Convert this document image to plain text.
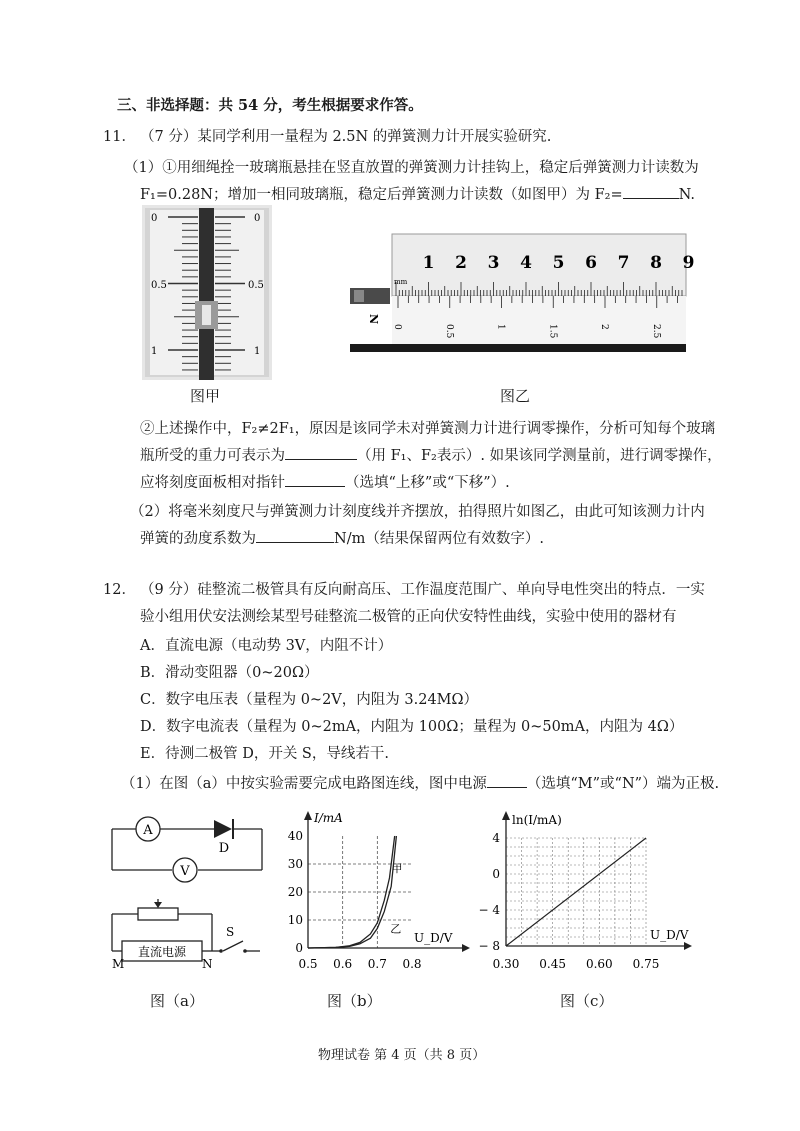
三、非选择题：共 54 分，考生根据要求作答。
11． （7 分）某同学利用一量程为 2.5N 的弹簧测力计开展实验研究.
（1）①用细绳拴一玻璃瓶悬挂在竖直放置的弹簧测力计挂钩上，稳定后弹簧测力计读数为
F₁=0.28N；增加一相同玻璃瓶，稳定后弹簧测力计读数（如图甲）为 F₂=	N.
0
0.5
1
0
0.5
1
图甲
1 2 3 4 5 6 7 8 9
mm
0	0.5	1	1.5	2	2.5
N
图乙
②上述操作中，F₂≠2F₁，原因是该同学未对弹簧测力计进行调零操作，分析可知每个玻璃
瓶所受的重力可表示为	（用 F₁、F₂表示）. 如果该同学测量前，进行调零操作，
应将刻度面板相对指针	（选填“上移”或“下移”）.
（2）将毫米刻度尺与弹簧测力计刻度线并齐摆放，拍得照片如图乙，由此可知该测力计内
弹簧的劲度系数为	N/m（结果保留两位有效数字）.
12． （9 分）硅整流二极管具有反向耐高压、工作温度范围广、单向导电性突出的特点．一实
验小组用伏安法测绘某型号硅整流二极管的正向伏安特性曲线，实验中使用的器材有
A．直流电源（电动势 3V，内阻不计）
B．滑动变阻器（0~20Ω）
C．数字电压表（量程为 0~2V，内阻为 3.24MΩ）
D．数字电流表（量程为 0~2mA，内阻为 100Ω；量程为 0~50mA，内阻为 4Ω）
E．待测二极管 D，开关 S，导线若干.
（1）在图（a）中按实验需要完成电路图连线，图中电源	（选填“M”或“N”）端为正极.
A
D
V
直流电源
S
M	N
图（a）
0.5 0.6 0.7 0.8
0
10
20
30
40
I/mA
U_D/V
甲
乙
图（b）
0.30 0.45 0.60 0.75
− 8
− 4
0
4
ln(I/mA)
U_D/V
图（c）
物理试卷 第 4 页（共 8 页）
